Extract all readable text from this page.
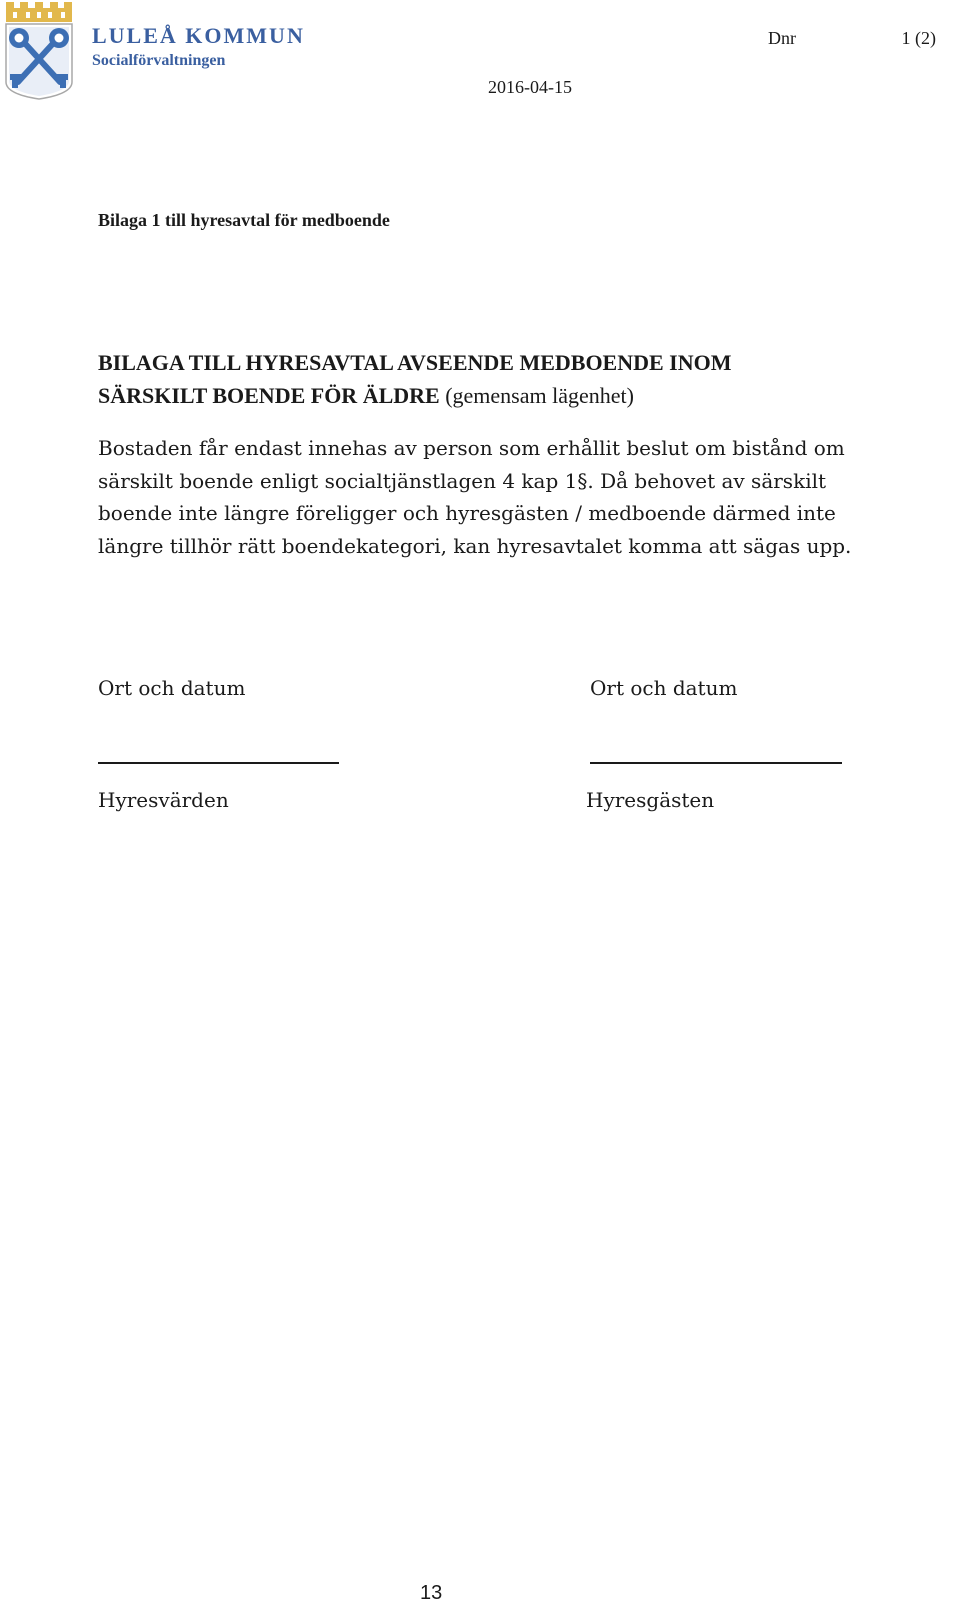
LULEÅ KOMMUN
Socialförvaltningen
Dnr	1 (2)
2016-04-15
Bilaga 1 till hyresavtal för medboende
BILAGA TILL HYRESAVTAL AVSEENDE MEDBOENDE INOM
SÄRSKILT BOENDE FÖR ÄLDRE (gemensam lägenhet)
Bostaden får endast innehas av person som erhållit beslut om bistånd om särskilt boende enligt socialtjänstlagen 4 kap 1§. Då behovet av särskilt boende inte längre föreligger och hyresgästen / medboende därmed inte längre tillhör rätt boendekategori, kan hyresavtalet komma att sägas upp.
Ort och datum
Hyresvärden
Ort och datum
Hyresgästen
13
